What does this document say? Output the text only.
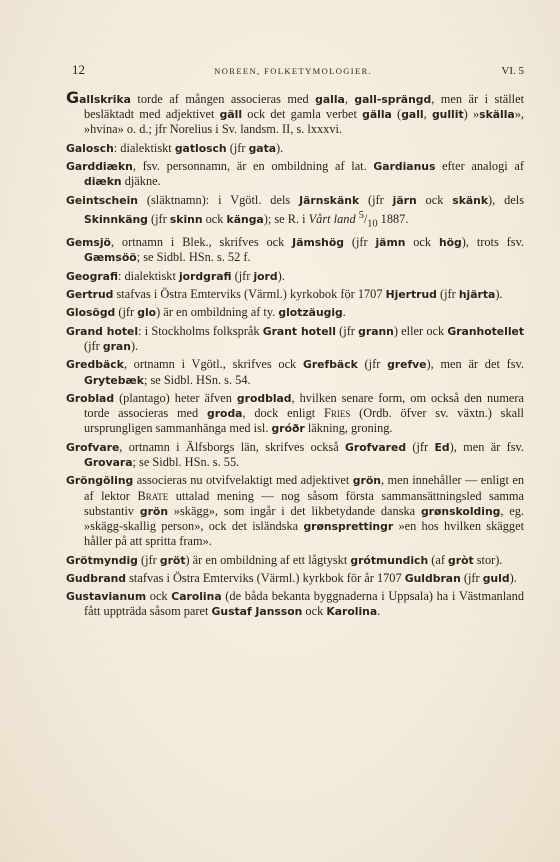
12	NOREEN, FOLKETYMOLOGIER.	VI. 5

Gallskrika torde af mången associeras med galla, gall-sprängd, men är i stället besläktadt med adjektivet gäll ock det gamla verbet gälla (gall, gullit) »skälla», »hvina» o. d.; jfr Norelius i Sv. landsm. II, s. lxxxvi.

Galosch: dialektiskt gatlosch (jfr gata).

Garddiækn, fsv. personnamn, är en ombildning af lat. Gardianus efter analogi af diækn djäkne.

Geintschein (släktnamn): i Vgötl. dels Järnskänk (jfr järn ock skänk), dels Skinnkäng (jfr skinn ock känga); se R. i Vårt land $^5/_{10}$ 1887.

Gemsjö, ortnamn i Blek., skrifves ock Jämshög (jfr jämn ock hög), trots fsv. Gæmsöö; se Sidbl. HSn. s. 52 f.

Geografi: dialektiskt jordgrafi (jfr jord).

Gertrud stafvas i Östra Emterviks (Värml.) kyrkobok för 1707 Hjertrud (jfr hjärta).

Glosögd (jfr glo) är en ombildning af ty. glotzäugig.

Grand hotel: i Stockholms folkspråk Grant hotell (jfr grann) eller ock Granhotellet (jfr gran).

Gredbäck, ortnamn i Vgötl., skrifves ock Grefbäck (jfr grefve), men är det fsv. Grytebæk; se Sidbl. HSn. s. 54.

Groblad (plantago) heter äfven grodblad, hvilken senare form, om också den numera torde associeras med groda, dock enligt Fries (Ordb. öfver sv. växtn.) skall ursprungligen sammanhänga med isl. gróðr läkning, groning.

Grofvare, ortnamn i Älfsborgs län, skrifves också Grofvared (jfr Ed), men är fsv. Grovara; se Sidbl. HSn. s. 55.

Gröngöling associeras nu otvifvelaktigt med adjektivet grön, men innehåller — enligt en af lektor Brate uttalad mening — nog såsom första sammansättningsled samma substantiv grön »skägg», som ingår i det likbetydande danska grønskolding, eg. »skägg-skallig person», ock det isländska grønsprettingr »en hos hvilken skägget håller på att spritta fram».

Grötmyndig (jfr gröt) är en ombildning af ett lågtyskt grótmundich (af gròt stor).

Gudbrand stafvas i Östra Emterviks (Värml.) kyrkbok för år 1707 Guldbran (jfr guld).

Gustavianum ock Carolina (de båda bekanta byggnaderna i Uppsala) ha i Västmanland fått uppträda såsom paret Gustaf Jansson ock Karolina.
